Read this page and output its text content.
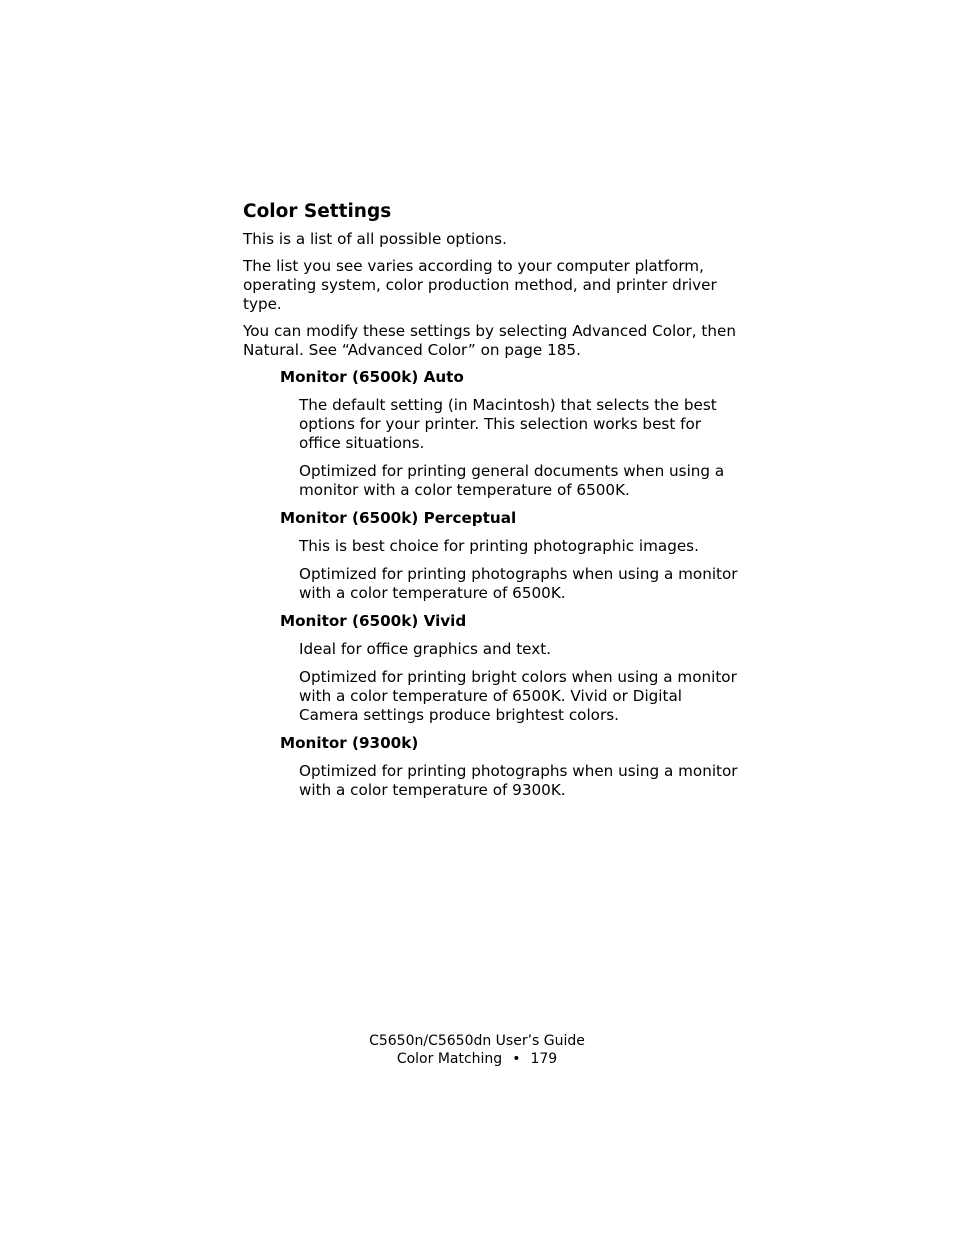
Color Settings

This is a list of all possible options.

The list you see varies according to your computer platform, operating system, color production method, and printer driver type.

You can modify these settings by selecting Advanced Color, then Natural. See “Advanced Color” on page 185.

Monitor (6500k) Auto

The default setting (in Macintosh) that selects the best options for your printer. This selection works best for office situations.

Optimized for printing general documents when using a monitor with a color temperature of 6500K.

Monitor (6500k) Perceptual

This is best choice for printing photographic images.

Optimized for printing photographs when using a monitor with a color temperature of 6500K.

Monitor (6500k) Vivid

Ideal for office graphics and text.

Optimized for printing bright colors when using a monitor with a color temperature of 6500K. Vivid or Digital Camera settings produce brightest colors.

Monitor (9300k)

Optimized for printing photographs when using a monitor with a color temperature of 9300K.

C5650n/C5650dn User’s Guide
Color Matching • 179
